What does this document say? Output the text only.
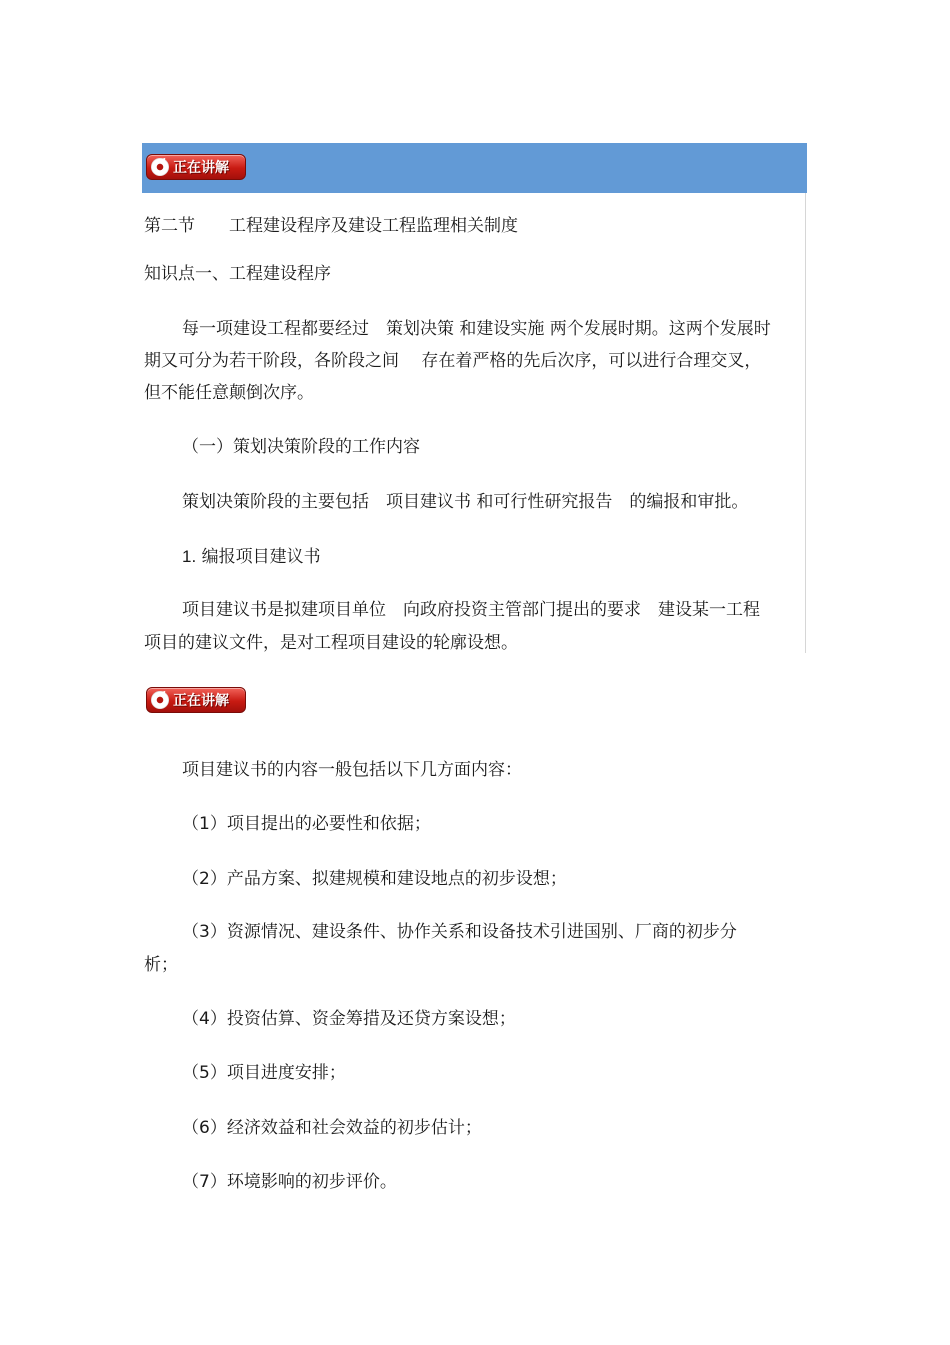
正在讲解
第二节　　工程建设程序及建设工程监理相关制度
知识点一、工程建设程序
每一项建设工程都要经过　策划决策 和建设实施 两个发展时期。这两个发展时
期又可分为若干阶段，各阶段之间　 存在着严格的先后次序，可以进行合理交叉，
但不能任意颠倒次序。
（一）策划决策阶段的工作内容
策划决策阶段的主要包括　项目建议书 和可行性研究报告　的编报和审批。
1. 编报项目建议书
项目建议书是拟建项目单位　向政府投资主管部门提出的要求　建设某一工程
项目的建议文件，是对工程项目建设的轮廓设想。
正在讲解
项目建议书的内容一般包括以下几方面内容：
（1）项目提出的必要性和依据；
（2）产品方案、拟建规模和建设地点的初步设想；
（3）资源情况、建设条件、协作关系和设备技术引进国别、厂商的初步分
析；
（4）投资估算、资金筹措及还贷方案设想；
（5）项目进度安排；
（6）经济效益和社会效益的初步估计；
（7）环境影响的初步评价。
